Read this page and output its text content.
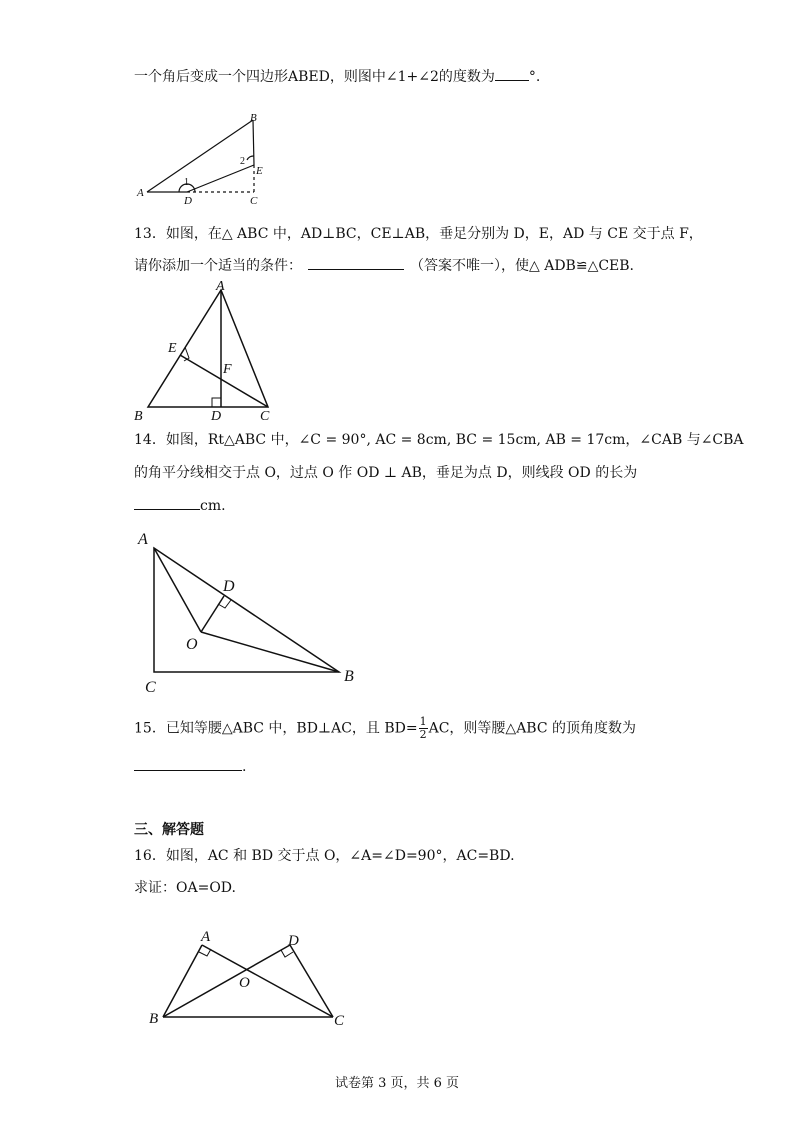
一个角后变成一个四边形ABED，则图中∠1+∠2的度数为 °.
B
A
D	C
E
1
2
13．如图，在△ ABC 中，AD⊥BC，CE⊥AB，垂足分别为 D，E，AD 与 CE 交于点 F，
请你添加一个适当的条件：	（答案不唯一），使△ ADB≌△CEB.
A
B	C
D
E
F
14．如图，Rt△ABC 中，∠C = 90°, AC = 8cm, BC = 15cm, AB = 17cm，∠CAB 与∠CBA
的角平分线相交于点 O，过点 O 作 OD ⊥ AB，垂足为点 D，则线段 OD 的长为
cm.
A
C
B
D
O
15．已知等腰△ABC 中，BD⊥AC，且 $BD= \frac{1}{2}$ AC，则等腰△ABC 的顶角度数为
.
三、解答题
16．如图，AC 和 BD 交于点 O，∠A=∠D=90°，AC=BD.
求证：OA=OD.
A	D
B	C
O
试卷第 3 页，共 6 页
